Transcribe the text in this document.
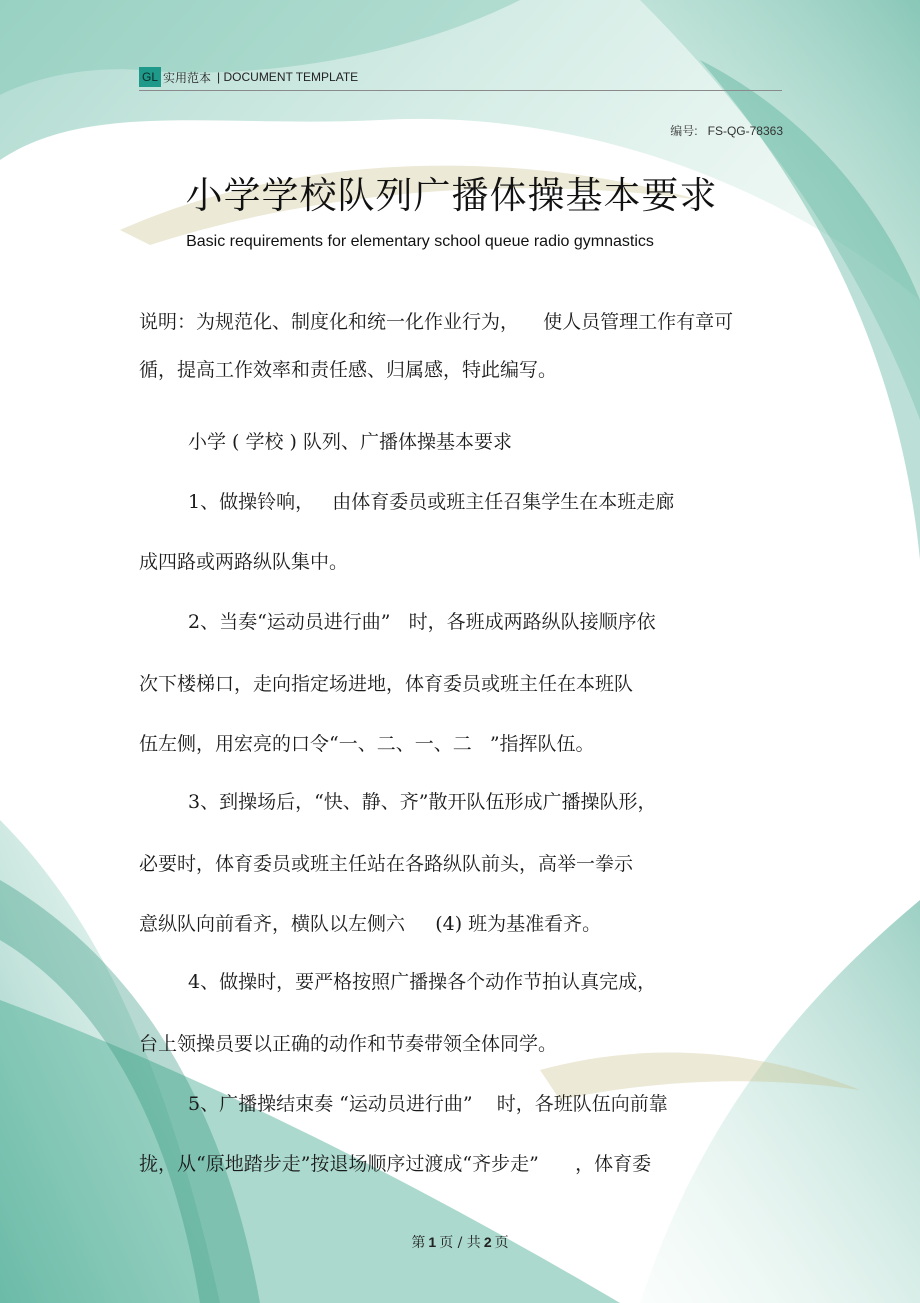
GL 实用范本 | DOCUMENT TEMPLATE
编号: FS-QG-78363
小学学校队列广播体操基本要求
Basic requirements for elementary school queue radio gymnastics
说明：为规范化、制度化和统一化作业行为，    使人员管理工作有章可
循，提高工作效率和责任感、归属感，特此编写。
小学 ( 学校 ) 队列、广播体操基本要求
1、做操铃响，   由体育委员或班主任召集学生在本班走廊
成四路或两路纵队集中。
2、当奏“运动员进行曲”   时，各班成两路纵队接顺序依
次下楼梯口，走向指定场进地，体育委员或班主任在本班队
伍左侧，用宏亮的口令“一、二、一、二   ”指挥队伍。
3、到操场后，“快、静、齐”散开队伍形成广播操队形，
必要时，体育委员或班主任站在各路纵队前头，高举一拳示
意纵队向前看齐，横队以左侧六     (4) 班为基准看齐。
4、做操时，要严格按照广播操各个动作节拍认真完成，
台上领操员要以正确的动作和节奏带领全体同学。
5、广播操结束奏 “运动员进行曲”    时，各班队伍向前靠
拢，从“原地踏步走”按退场顺序过渡成“齐步走”      ，体育委
第 1 页 / 共 2 页
